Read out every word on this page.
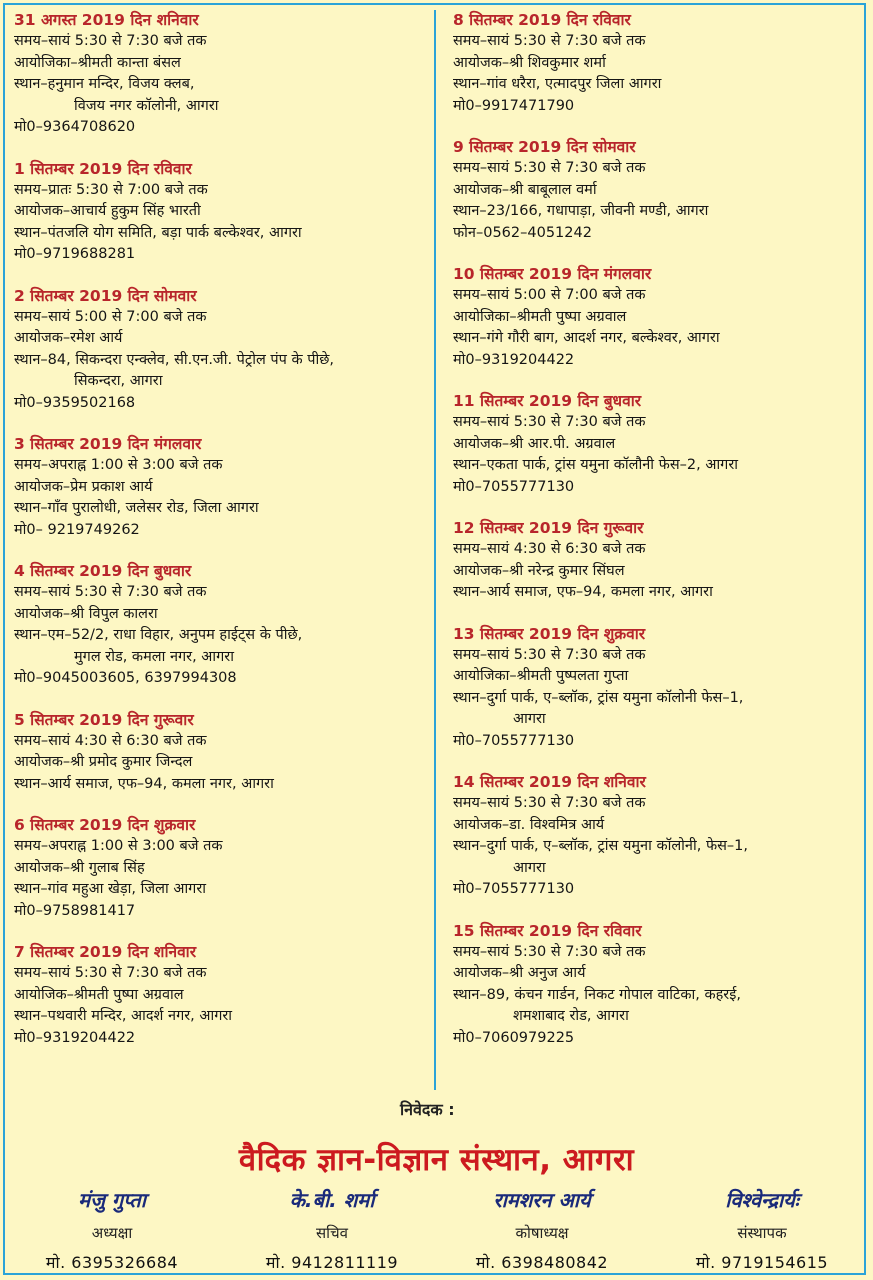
31 अगस्त 2019 दिन शनिवार
समय–सायं 5:30 से 7:30 बजे तक
आयोजिका–श्रीमती कान्ता बंसल
स्थान–हनुमान मन्दिर, विजय क्लब,
विजय नगर कॉलोनी, आगरा
मो0–9364708620
1 सितम्बर 2019 दिन रविवार
समय–प्रातः 5:30 से 7:00 बजे तक
आयोजक–आचार्य हुकुम सिंह भारती
स्थान–पंतजलि योग समिति, बड़ा पार्क बल्केश्वर, आगरा
मो0–9719688281
2 सितम्बर 2019 दिन सोमवार
समय–सायं 5:00 से 7:00 बजे तक
आयोजक–रमेश आर्य
स्थान–84, सिकन्दरा एन्क्लेव, सी.एन.जी. पेट्रोल पंप के पीछे,
सिकन्दरा, आगरा
मो0–9359502168
3 सितम्बर 2019 दिन मंगलवार
समय–अपराह्न 1:00 से 3:00 बजे तक
आयोजक–प्रेम प्रकाश आर्य
स्थान–गाँव पुरालोधी, जलेसर रोड, जिला आगरा
मो0– 9219749262
4 सितम्बर 2019 दिन बुधवार
समय–सायं 5:30 से 7:30 बजे तक
आयोजक–श्री विपुल कालरा
स्थान–एम–52/2, राधा विहार, अनुपम हाईट्स के पीछे,
मुगल रोड, कमला नगर, आगरा
मो0–9045003605, 6397994308
5 सितम्बर 2019 दिन गुरूवार
समय–सायं 4:30 से 6:30 बजे तक
आयोजक–श्री प्रमोद कुमार जिन्दल
स्थान–आर्य समाज, एफ–94, कमला नगर, आगरा
6 सितम्बर 2019 दिन शुक्रवार
समय–अपराह्न 1:00 से 3:00 बजे तक
आयोजक–श्री गुलाब सिंह
स्थान–गांव महुआ खेड़ा, जिला आगरा
मो0–9758981417
7 सितम्बर 2019 दिन शनिवार
समय–सायं 5:30 से 7:30 बजे तक
आयोजिक–श्रीमती पुष्पा अग्रवाल
स्थान–पथवारी मन्दिर, आदर्श नगर, आगरा
मो0–9319204422
8 सितम्बर 2019 दिन रविवार
समय–सायं 5:30 से 7:30 बजे तक
आयोजक–श्री शिवकुमार शर्मा
स्थान–गांव धरैरा, एत्मादपुर जिला आगरा
मो0–9917471790
9 सितम्बर 2019 दिन सोमवार
समय–सायं 5:30 से 7:30 बजे तक
आयोजक–श्री बाबूलाल वर्मा
स्थान–23/166, गधापाड़ा, जीवनी मण्डी, आगरा
फोन–0562–4051242
10 सितम्बर 2019 दिन मंगलवार
समय–सायं 5:00 से 7:00 बजे तक
आयोजिका–श्रीमती पुष्पा अग्रवाल
स्थान–गंगे गौरी बाग, आदर्श नगर, बल्केश्वर, आगरा
मो0–9319204422
11 सितम्बर 2019 दिन बुधवार
समय–सायं 5:30 से 7:30 बजे तक
आयोजक–श्री आर.पी. अग्रवाल
स्थान–एकता पार्क, ट्रांस यमुना कॉलौनी फेस–2, आगरा
मो0–7055777130
12 सितम्बर 2019 दिन गुरूवार
समय–सायं 4:30 से 6:30 बजे तक
आयोजक–श्री नरेन्द्र कुमार सिंघल
स्थान–आर्य समाज, एफ–94, कमला नगर, आगरा
13 सितम्बर 2019 दिन शुक्रवार
समय–सायं 5:30 से 7:30 बजे तक
आयोजिका–श्रीमती पुष्पलता गुप्ता
स्थान–दुर्गा पार्क, ए–ब्लॉक, ट्रांस यमुना कॉलोनी फेस–1,
आगरा
मो0–7055777130
14 सितम्बर 2019 दिन शनिवार
समय–सायं 5:30 से 7:30 बजे तक
आयोजक–डा. विश्वमित्र आर्य
स्थान–दुर्गा पार्क, ए–ब्लॉक, ट्रांस यमुना कॉलोनी, फेस–1,
आगरा
मो0–7055777130
15 सितम्बर 2019 दिन रविवार
समय–सायं 5:30 से 7:30 बजे तक
आयोजक–श्री अनुज आर्य
स्थान–89, कंचन गार्डन, निकट गोपाल वाटिका, कहरई,
शमशाबाद रोड, आगरा
मो0–7060979225
निवेदक :
वैदिक ज्ञान-विज्ञान संस्थान, आगरा
मंजु गुप्ता
अध्यक्षा
मो. 6395326684
के.बी. शर्मा
सचिव
मो. 9412811119
रामशरन आर्य
कोषाध्यक्ष
मो. 6398480842
विश्वेन्द्रार्यः
संस्थापक
मो. 9719154615
